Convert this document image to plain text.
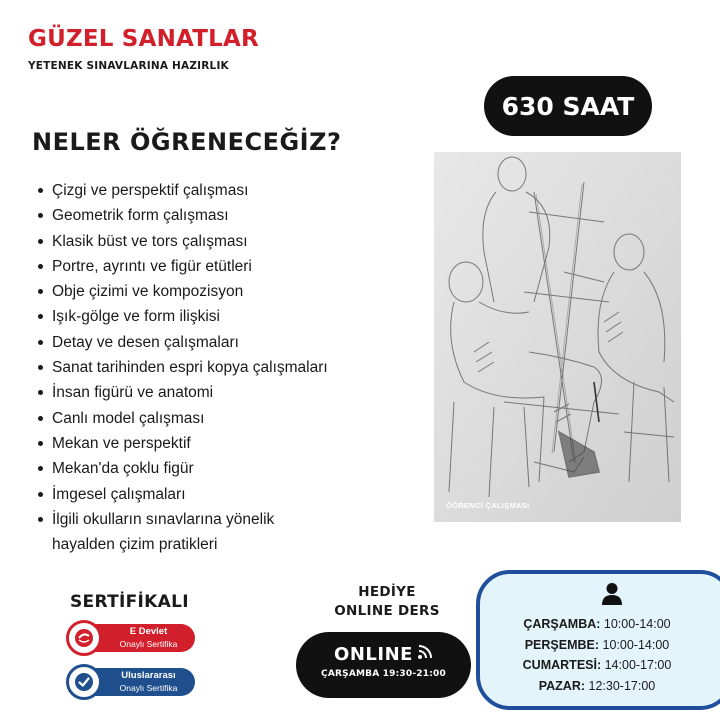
GÜZEL SANATLAR
YETENEK SINAVLARINA HAZIRLIK
630 SAAT
NELER ÖĞRENECEĞİZ?
Çizgi ve perspektif çalışması
Geometrik form çalışması
Klasik büst ve tors çalışması
Portre, ayrıntı ve figür etütleri
Obje çizimi ve kompozisyon
Işık-gölge ve form ilişkisi
Detay ve desen çalışmaları
Sanat tarihinden espri kopya çalışmaları
İnsan figürü ve anatomi
Canlı model çalışması
Mekan ve perspektif
Mekan'da çoklu figür
İmgesel çalışmaları
İlgili okulların sınavlarına yönelik
hayalden çizim pratikleri
ÖĞRENCİ ÇALIŞMASI
SERTİFİKALI
E Devlet
Onaylı Sertifika
Uluslararası
Onaylı Sertifika
HEDİYE
ONLINE DERS
ONLINE
ÇARŞAMBA 19:30-21:00
ÇARŞAMBA: 10:00-14:00
PERŞEMBE: 10:00-14:00
CUMARTESİ: 14:00-17:00
PAZAR: 12:30-17:00
